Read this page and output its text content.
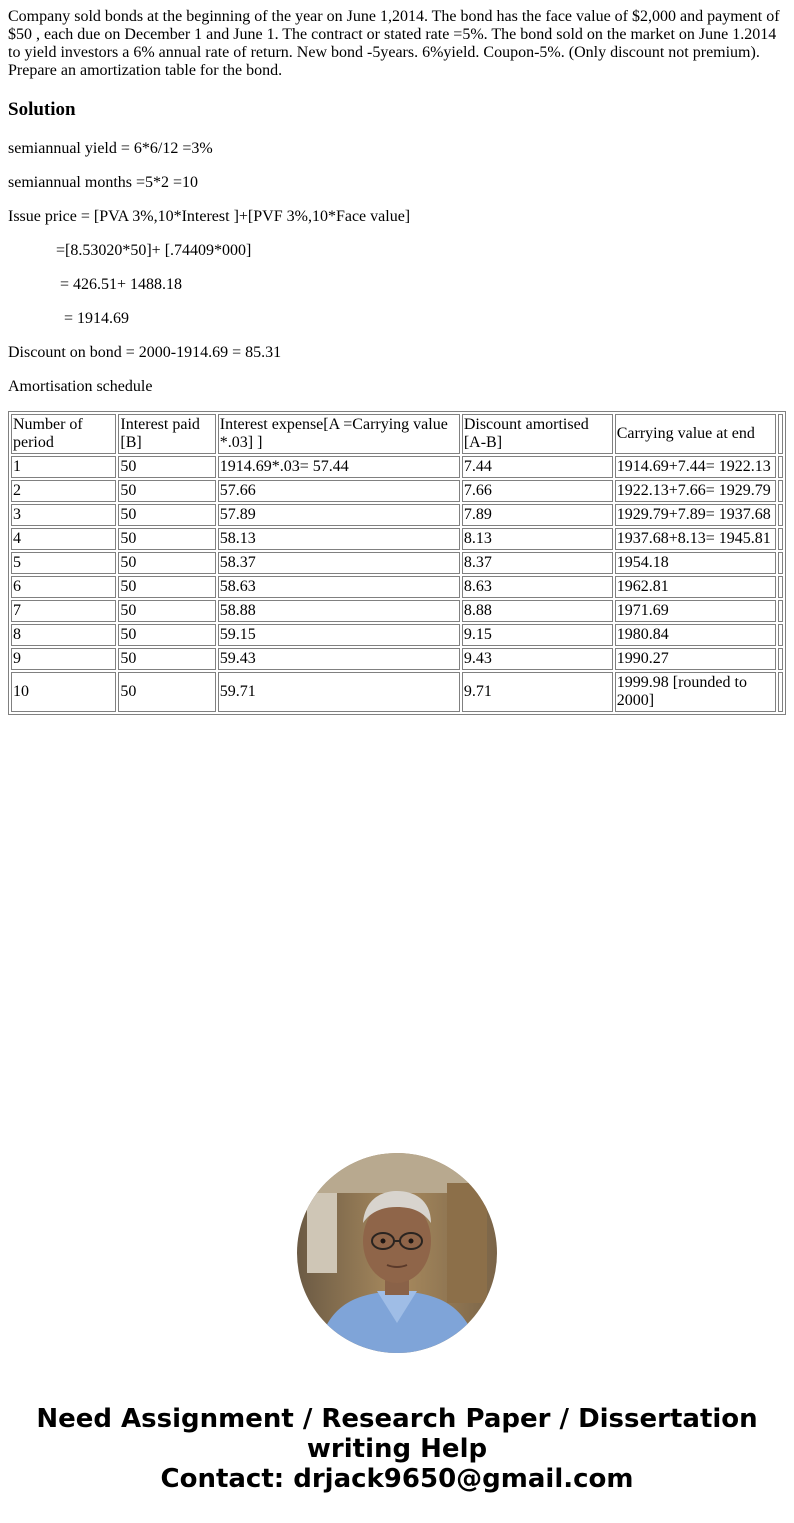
Company sold bonds at the beginning of the year on June 1,2014. The bond has the face value of $2,000 and payment of $50 , each due on December 1 and June 1. The contract or stated rate =5%. The bond sold on the market on June 1.2014 to yield investors a 6% annual rate of return. New bond -5years. 6%yield. Coupon-5%. (Only discount not premium). Prepare an amortization table for the bond.

Solution

semiannual yield = 6*6/12 =3%

semiannual months =5*2 =10

Issue price = [PVA 3%,10*Interest ]+[PVF 3%,10*Face value]

=[8.53020*50]+ [.74409*000]

= 426.51+ 1488.18

= 1914.69

Discount on bond = 2000-1914.69 = 85.31

Amortisation schedule

Number of period	Interest paid [B]	Interest expense[A =Carrying value *.03] ]	Discount amortised [A-B]	Carrying value at end	
1	50	1914.69*.03= 57.44	7.44	1914.69+7.44= 1922.13	
2	50	57.66	7.66	1922.13+7.66= 1929.79	
3	50	57.89	7.89	1929.79+7.89= 1937.68	
4	50	58.13	8.13	1937.68+8.13= 1945.81	
5	50	58.37	8.37	1954.18	
6	50	58.63	8.63	1962.81	
7	50	58.88	8.88	1971.69	
8	50	59.15	9.15	1980.84	
9	50	59.43	9.43	1990.27	
10	50	59.71	9.71	1999.98 [rounded to 2000]	
Need Assignment / Research Paper / Dissertation
writing Help
Contact: drjack9650@gmail.com
